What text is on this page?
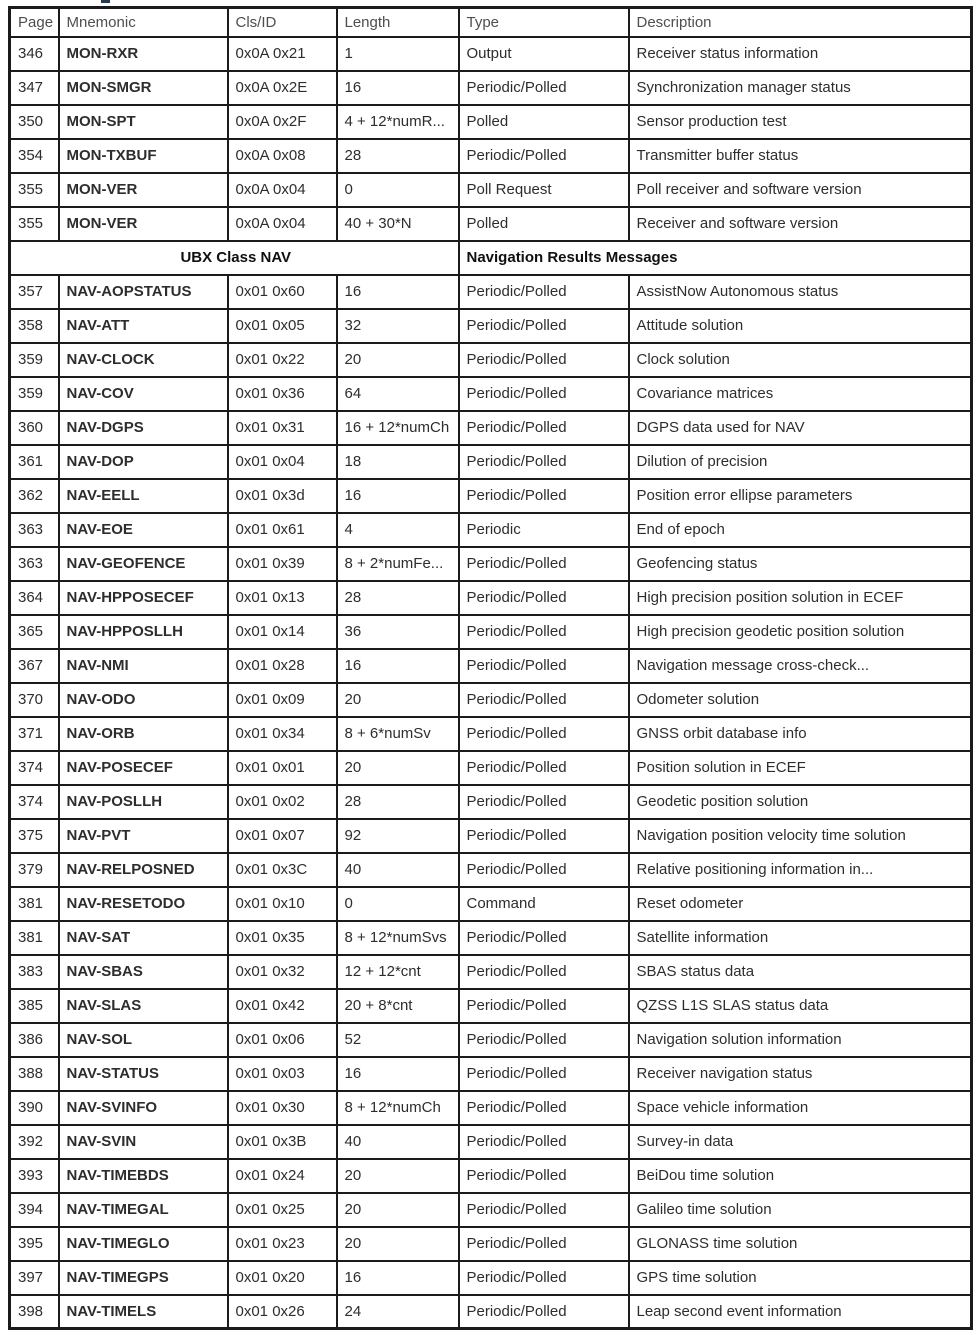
Page	Mnemonic	Cls/ID	Length	Type	Description
346	MON-RXR	0x0A 0x21	1	Output	Receiver status information
347	MON-SMGR	0x0A 0x2E	16	Periodic/Polled	Synchronization manager status
350	MON-SPT	0x0A 0x2F	4 + 12*numR...	Polled	Sensor production test
354	MON-TXBUF	0x0A 0x08	28	Periodic/Polled	Transmitter buffer status
355	MON-VER	0x0A 0x04	0	Poll Request	Poll receiver and software version
355	MON-VER	0x0A 0x04	40 + 30*N	Polled	Receiver and software version
UBX Class NAV				Navigation Results Messages	
357	NAV-AOPSTATUS	0x01 0x60	16	Periodic/Polled	AssistNow Autonomous status
358	NAV-ATT	0x01 0x05	32	Periodic/Polled	Attitude solution
359	NAV-CLOCK	0x01 0x22	20	Periodic/Polled	Clock solution
359	NAV-COV	0x01 0x36	64	Periodic/Polled	Covariance matrices
360	NAV-DGPS	0x01 0x31	16 + 12*numCh	Periodic/Polled	DGPS data used for NAV
361	NAV-DOP	0x01 0x04	18	Periodic/Polled	Dilution of precision
362	NAV-EELL	0x01 0x3d	16	Periodic/Polled	Position error ellipse parameters
363	NAV-EOE	0x01 0x61	4	Periodic	End of epoch
363	NAV-GEOFENCE	0x01 0x39	8 + 2*numFe...	Periodic/Polled	Geofencing status
364	NAV-HPPOSECEF	0x01 0x13	28	Periodic/Polled	High precision position solution in ECEF
365	NAV-HPPOSLLH	0x01 0x14	36	Periodic/Polled	High precision geodetic position solution
367	NAV-NMI	0x01 0x28	16	Periodic/Polled	Navigation message cross-check...
370	NAV-ODO	0x01 0x09	20	Periodic/Polled	Odometer solution
371	NAV-ORB	0x01 0x34	8 + 6*numSv	Periodic/Polled	GNSS orbit database info
374	NAV-POSECEF	0x01 0x01	20	Periodic/Polled	Position solution in ECEF
374	NAV-POSLLH	0x01 0x02	28	Periodic/Polled	Geodetic position solution
375	NAV-PVT	0x01 0x07	92	Periodic/Polled	Navigation position velocity time solution
379	NAV-RELPOSNED	0x01 0x3C	40	Periodic/Polled	Relative positioning information in...
381	NAV-RESETODO	0x01 0x10	0	Command	Reset odometer
381	NAV-SAT	0x01 0x35	8 + 12*numSvs	Periodic/Polled	Satellite information
383	NAV-SBAS	0x01 0x32	12 + 12*cnt	Periodic/Polled	SBAS status data
385	NAV-SLAS	0x01 0x42	20 + 8*cnt	Periodic/Polled	QZSS L1S SLAS status data
386	NAV-SOL	0x01 0x06	52	Periodic/Polled	Navigation solution information
388	NAV-STATUS	0x01 0x03	16	Periodic/Polled	Receiver navigation status
390	NAV-SVINFO	0x01 0x30	8 + 12*numCh	Periodic/Polled	Space vehicle information
392	NAV-SVIN	0x01 0x3B	40	Periodic/Polled	Survey-in data
393	NAV-TIMEBDS	0x01 0x24	20	Periodic/Polled	BeiDou time solution
394	NAV-TIMEGAL	0x01 0x25	20	Periodic/Polled	Galileo time solution
395	NAV-TIMEGLO	0x01 0x23	20	Periodic/Polled	GLONASS time solution
397	NAV-TIMEGPS	0x01 0x20	16	Periodic/Polled	GPS time solution
398	NAV-TIMELS	0x01 0x26	24	Periodic/Polled	Leap second event information
